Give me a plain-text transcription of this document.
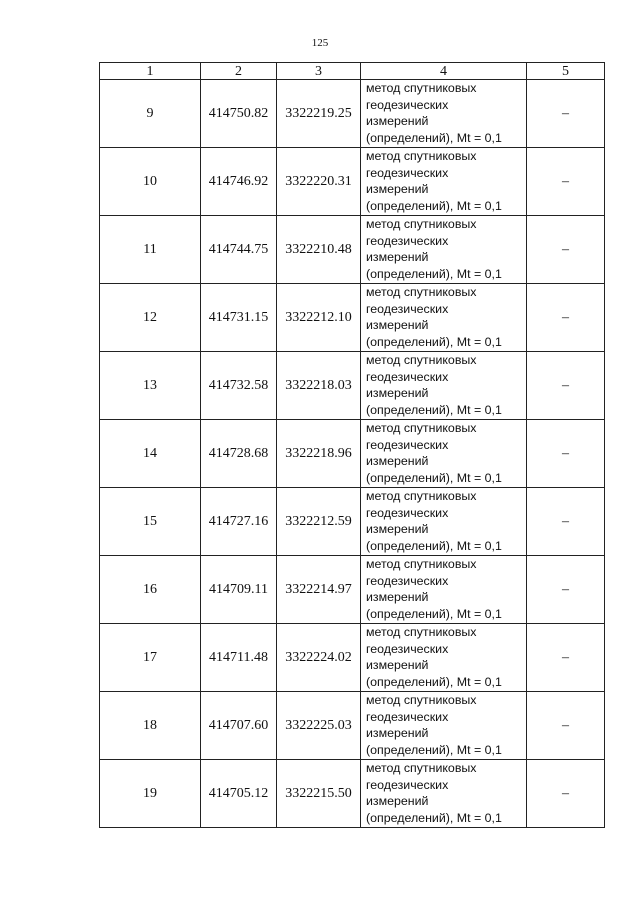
125
1	2	3	4	5
9	414750.82	3322219.25	метод спутниковых
геодезических
измерений
(определений), Mt = 0,1	–
10	414746.92	3322220.31	метод спутниковых
геодезических
измерений
(определений), Mt = 0,1	–
11	414744.75	3322210.48	метод спутниковых
геодезических
измерений
(определений), Mt = 0,1	–
12	414731.15	3322212.10	метод спутниковых
геодезических
измерений
(определений), Mt = 0,1	–
13	414732.58	3322218.03	метод спутниковых
геодезических
измерений
(определений), Mt = 0,1	–
14	414728.68	3322218.96	метод спутниковых
геодезических
измерений
(определений), Mt = 0,1	–
15	414727.16	3322212.59	метод спутниковых
геодезических
измерений
(определений), Mt = 0,1	–
16	414709.11	3322214.97	метод спутниковых
геодезических
измерений
(определений), Mt = 0,1	–
17	414711.48	3322224.02	метод спутниковых
геодезических
измерений
(определений), Mt = 0,1	–
18	414707.60	3322225.03	метод спутниковых
геодезических
измерений
(определений), Mt = 0,1	–
19	414705.12	3322215.50	метод спутниковых
геодезических
измерений
(определений), Mt = 0,1	–
